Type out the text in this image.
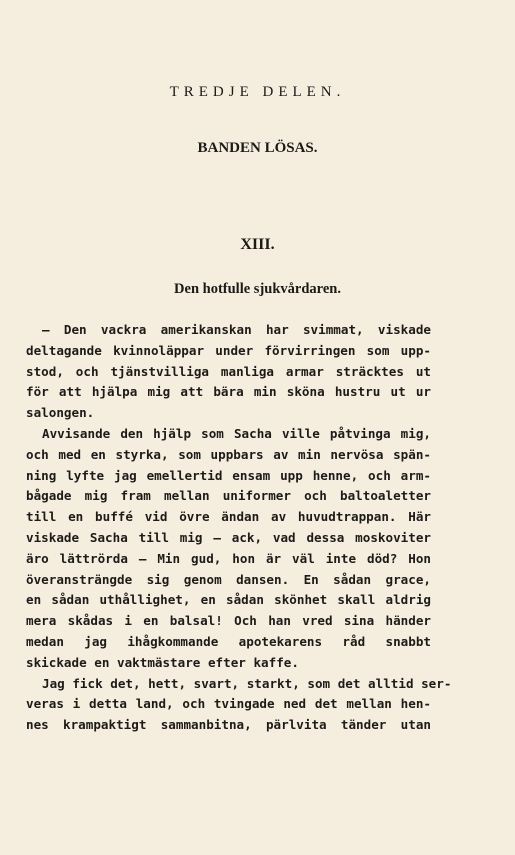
TREDJE DELEN.
BANDEN LÖSAS.
XIII.
Den hotfulle sjukvårdaren.
— Den vackra amerikanskan har svimmat, viskade
deltagande kvinnoläppar under förvirringen som upp-
stod, och tjänstvilliga manliga armar sträcktes ut
för att hjälpa mig att bära min sköna hustru ut ur
salongen.
Avvisande den hjälp som Sacha ville påtvinga mig,
och med en styrka, som uppbars av min nervösa spän-
ning lyfte jag emellertid ensam upp henne, och arm-
bågade mig fram mellan uniformer och baltoaletter
till en buffé vid övre ändan av huvudtrappan. Här
viskade Sacha till mig — ack, vad dessa moskoviter
äro lättrörda — Min gud, hon är väl inte död? Hon
överansträngde sig genom dansen. En sådan grace,
en sådan uthållighet, en sådan skönhet skall aldrig
mera skådas i en balsal! Och han vred sina händer
medan jag ihågkommande apotekarens råd snabbt
skickade en vaktmästare efter kaffe.
Jag fick det, hett, svart, starkt, som det alltid ser-
veras i detta land, och tvingade ned det mellan hen-
nes krampaktigt sammanbitna, pärlvita tänder utan
